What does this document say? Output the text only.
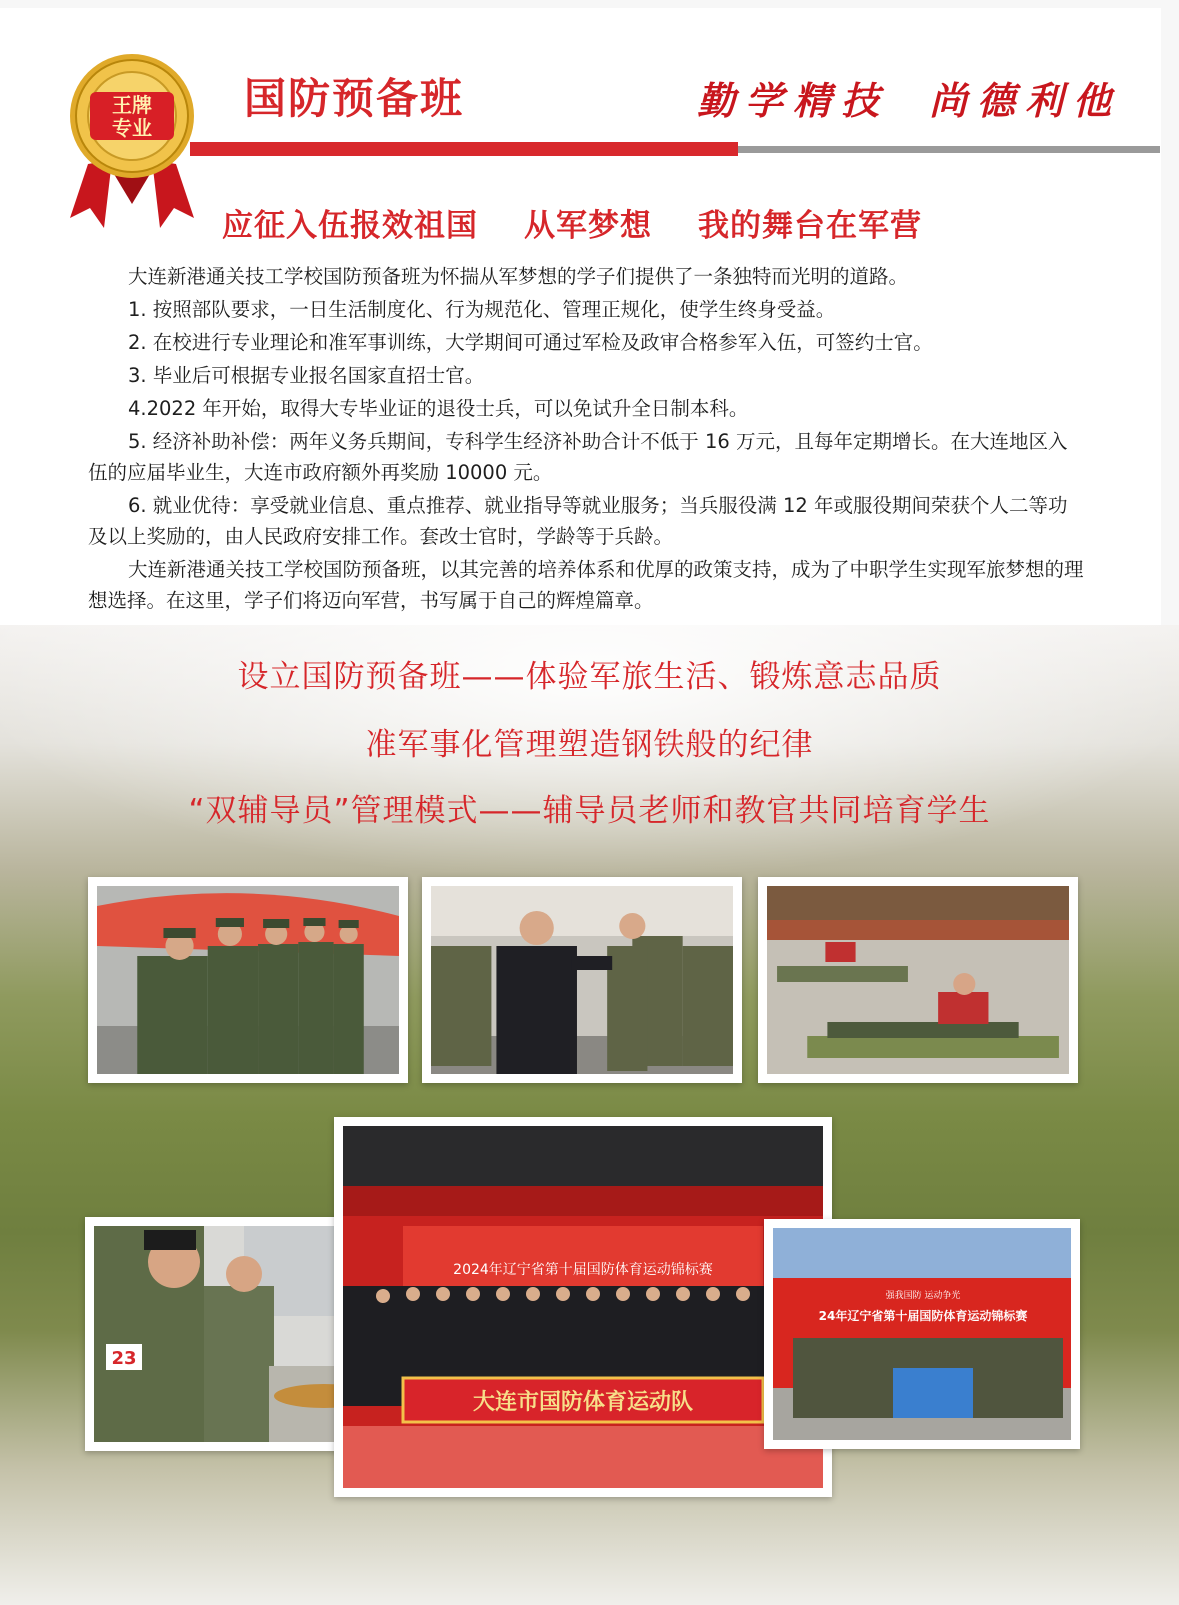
王牌
专业
国防预备班	勤学精技 尚德利他
应征入伍报效祖国 从军梦想 我的舞台在军营

大连新港通关技工学校国防预备班为怀揣从军梦想的学子们提供了一条独特而光明的道路。

1. 按照部队要求，一日生活制度化、行为规范化、管理正规化，使学生终身受益。

2. 在校进行专业理论和准军事训练，大学期间可通过军检及政审合格参军入伍，可签约士官。

3. 毕业后可根据专业报名国家直招士官。

4.2022 年开始，取得大专毕业证的退役士兵，可以免试升全日制本科。

5. 经济补助补偿：两年义务兵期间，专科学生经济补助合计不低于 16 万元，且每年定期增长。在大连地区入伍的应届毕业生，大连市政府额外再奖励 10000 元。

6. 就业优待：享受就业信息、重点推荐、就业指导等就业服务；当兵服役满 12 年或服役期间荣获个人二等功及以上奖励的，由人民政府安排工作。套改士官时，学龄等于兵龄。

大连新港通关技工学校国防预备班，以其完善的培养体系和优厚的政策支持，成为了中职学生实现军旅梦想的理想选择。在这里，学子们将迈向军营，书写属于自己的辉煌篇章。

设立国防预备班——体验军旅生活、锻炼意志品质
准军事化管理塑造钢铁般的纪律
“双辅导员”管理模式——辅导员老师和教官共同培育学生
23
2024年辽宁省第十届国防体育运动锦标赛
大连市国防体育运动队
强我国防 运动争光
24年辽宁省第十届国防体育运动锦标赛
